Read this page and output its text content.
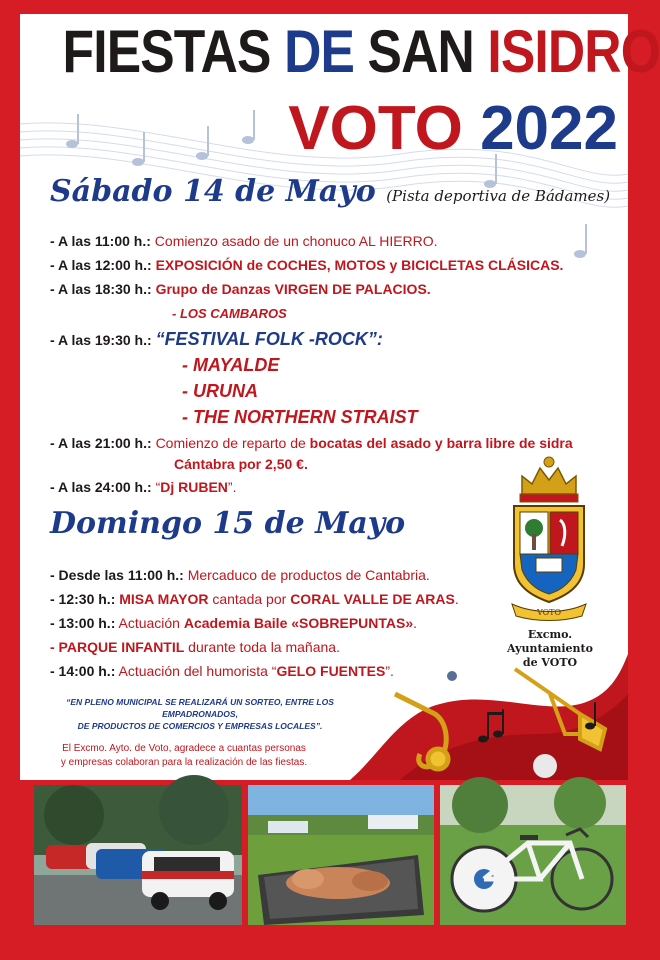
FIESTAS DE SAN ISIDRO
VOTO 2022
Sábado 14 de Mayo (Pista deportiva de Bádames)
- A las 11:00 h.: Comienzo asado de un chonuco AL HIERRO.
- A las 12:00 h.: EXPOSICIÓN de COCHES, MOTOS y BICICLETAS CLÁSICAS.
- A las 18:30 h.: Grupo de Danzas VIRGEN DE PALACIOS.
- LOS CAMBAROS
- A las 19:30 h.: “FESTIVAL FOLK -ROCK”:
- MAYALDE
- URUNA
- THE NORTHERN STRAIST
- A las 21:00 h.: Comienzo de reparto de bocatas del asado y barra libre de sidra
Cántabra por 2,50 €.
- A las 24:00 h.: “Dj RUBEN”.
Domingo 15 de Mayo
- Desde las 11:00 h.: Mercaduco de productos de Cantabria.
- 12:30 h.: MISA MAYOR cantada por CORAL VALLE DE ARAS.
- 13:00 h.: Actuación Academia Baile «SOBREPUNTAS».
- PARQUE INFANTIL durante toda la mañana.
- 14:00 h.: Actuación del humorista “GELO FUENTES”.
“EN PLENO MUNICIPAL SE REALIZARÁ UN SORTEO, ENTRE LOS EMPADRONADOS,
DE PRODUCTOS DE COMERCIOS Y EMPRESAS LOCALES”.
El Excmo. Ayto. de Voto, agradece a cuantas personas
y empresas colaboran para la realización de las fiestas.
VOTO
Excmo.
Ayuntamiento
de VOTO
